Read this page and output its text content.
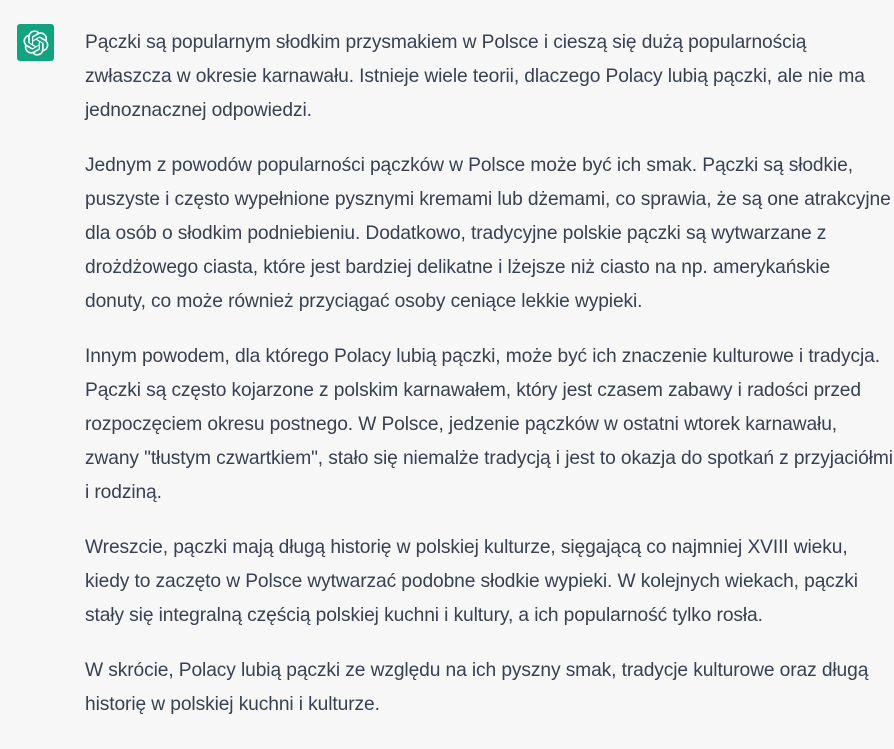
Pączki są popularnym słodkim przysmakiem w Polsce i cieszą się dużą popularnością zwłaszcza w okresie karnawału. Istnieje wiele teorii, dlaczego Polacy lubią pączki, ale nie ma jednoznacznej odpowiedzi.

Jednym z powodów popularności pączków w Polsce może być ich smak. Pączki są słodkie, puszyste i często wypełnione pysznymi kremami lub dżemami, co sprawia, że są one atrakcyjne dla osób o słodkim podniebieniu. Dodatkowo, tradycyjne polskie pączki są wytwarzane z drożdżowego ciasta, które jest bardziej delikatne i lżejsze niż ciasto na np. amerykańskie donuty, co może również przyciągać osoby ceniące lekkie wypieki.

Innym powodem, dla którego Polacy lubią pączki, może być ich znaczenie kulturowe i tradycja. Pączki są często kojarzone z polskim karnawałem, który jest czasem zabawy i radości przed rozpoczęciem okresu postnego. W Polsce, jedzenie pączków w ostatni wtorek karnawału, zwany "tłustym czwartkiem", stało się niemalże tradycją i jest to okazja do spotkań z przyjaciółmi i rodziną.

Wreszcie, pączki mają długą historię w polskiej kulturze, sięgającą co najmniej XVIII wieku, kiedy to zaczęto w Polsce wytwarzać podobne słodkie wypieki. W kolejnych wiekach, pączki stały się integralną częścią polskiej kuchni i kultury, a ich popularność tylko rosła.

W skrócie, Polacy lubią pączki ze względu na ich pyszny smak, tradycje kulturowe oraz długą historię w polskiej kuchni i kulturze.
